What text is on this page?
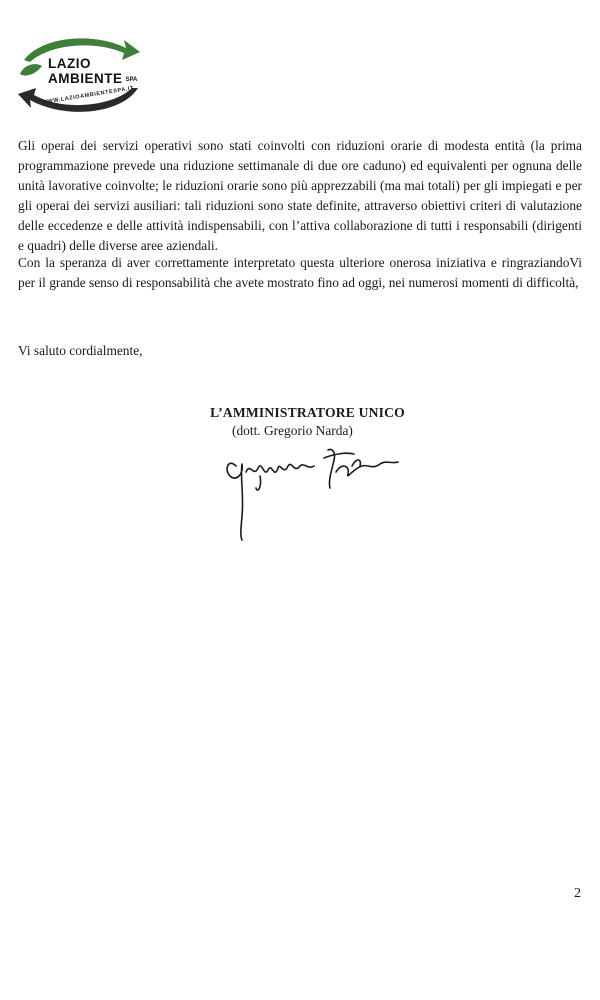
LAZIO
AMBIENTE SPA
WWW.LAZIOAMBIENTESPA.IT

Gli operai dei servizi operativi sono stati coinvolti con riduzioni orarie di modesta entità (la prima programmazione prevede una riduzione settimanale di due ore caduno) ed equivalenti per ognuna delle unità lavorative coinvolte; le riduzioni orarie sono più apprezzabili (ma mai totali) per gli impiegati e per gli operai dei servizi ausiliari: tali riduzioni sono state definite, attraverso obiettivi criteri di valutazione delle eccedenze e delle attività indispensabili, con l’attiva collaborazione di tutti i responsabili (dirigenti e quadri) delle diverse aree aziendali.

Con la speranza di aver correttamente interpretato questa ulteriore onerosa iniziativa e ringraziandoVi per il grande senso di responsabilità che avete mostrato fino ad oggi, nei numerosi momenti di difficoltà,

Vi saluto cordialmente,

L’AMMINISTRATORE UNICO
(dott. Gregorio Narda)
2
